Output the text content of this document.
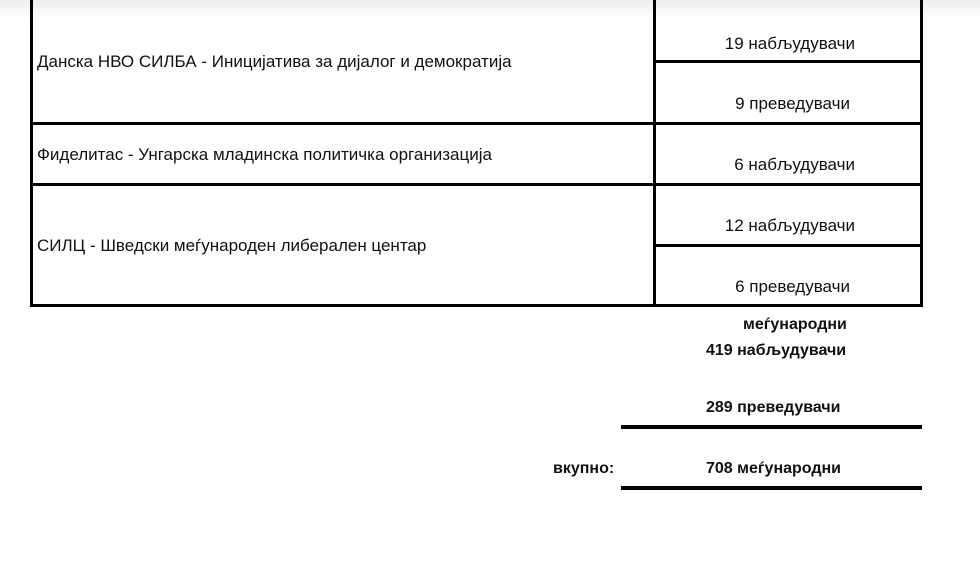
Данска НВО СИЛБА - Иницијатива за дијалог и демократија
Фиделитас - Унгарска младинска политичка организација
СИЛЦ - Шведски меѓународен либерален центар
19 набљудувачи
9 преведувачи
6 набљудувачи
12 набљудувачи
6 преведувачи
меѓународни
419 набљудувачи
289 преведувачи
вкупно:	708 меѓународни
